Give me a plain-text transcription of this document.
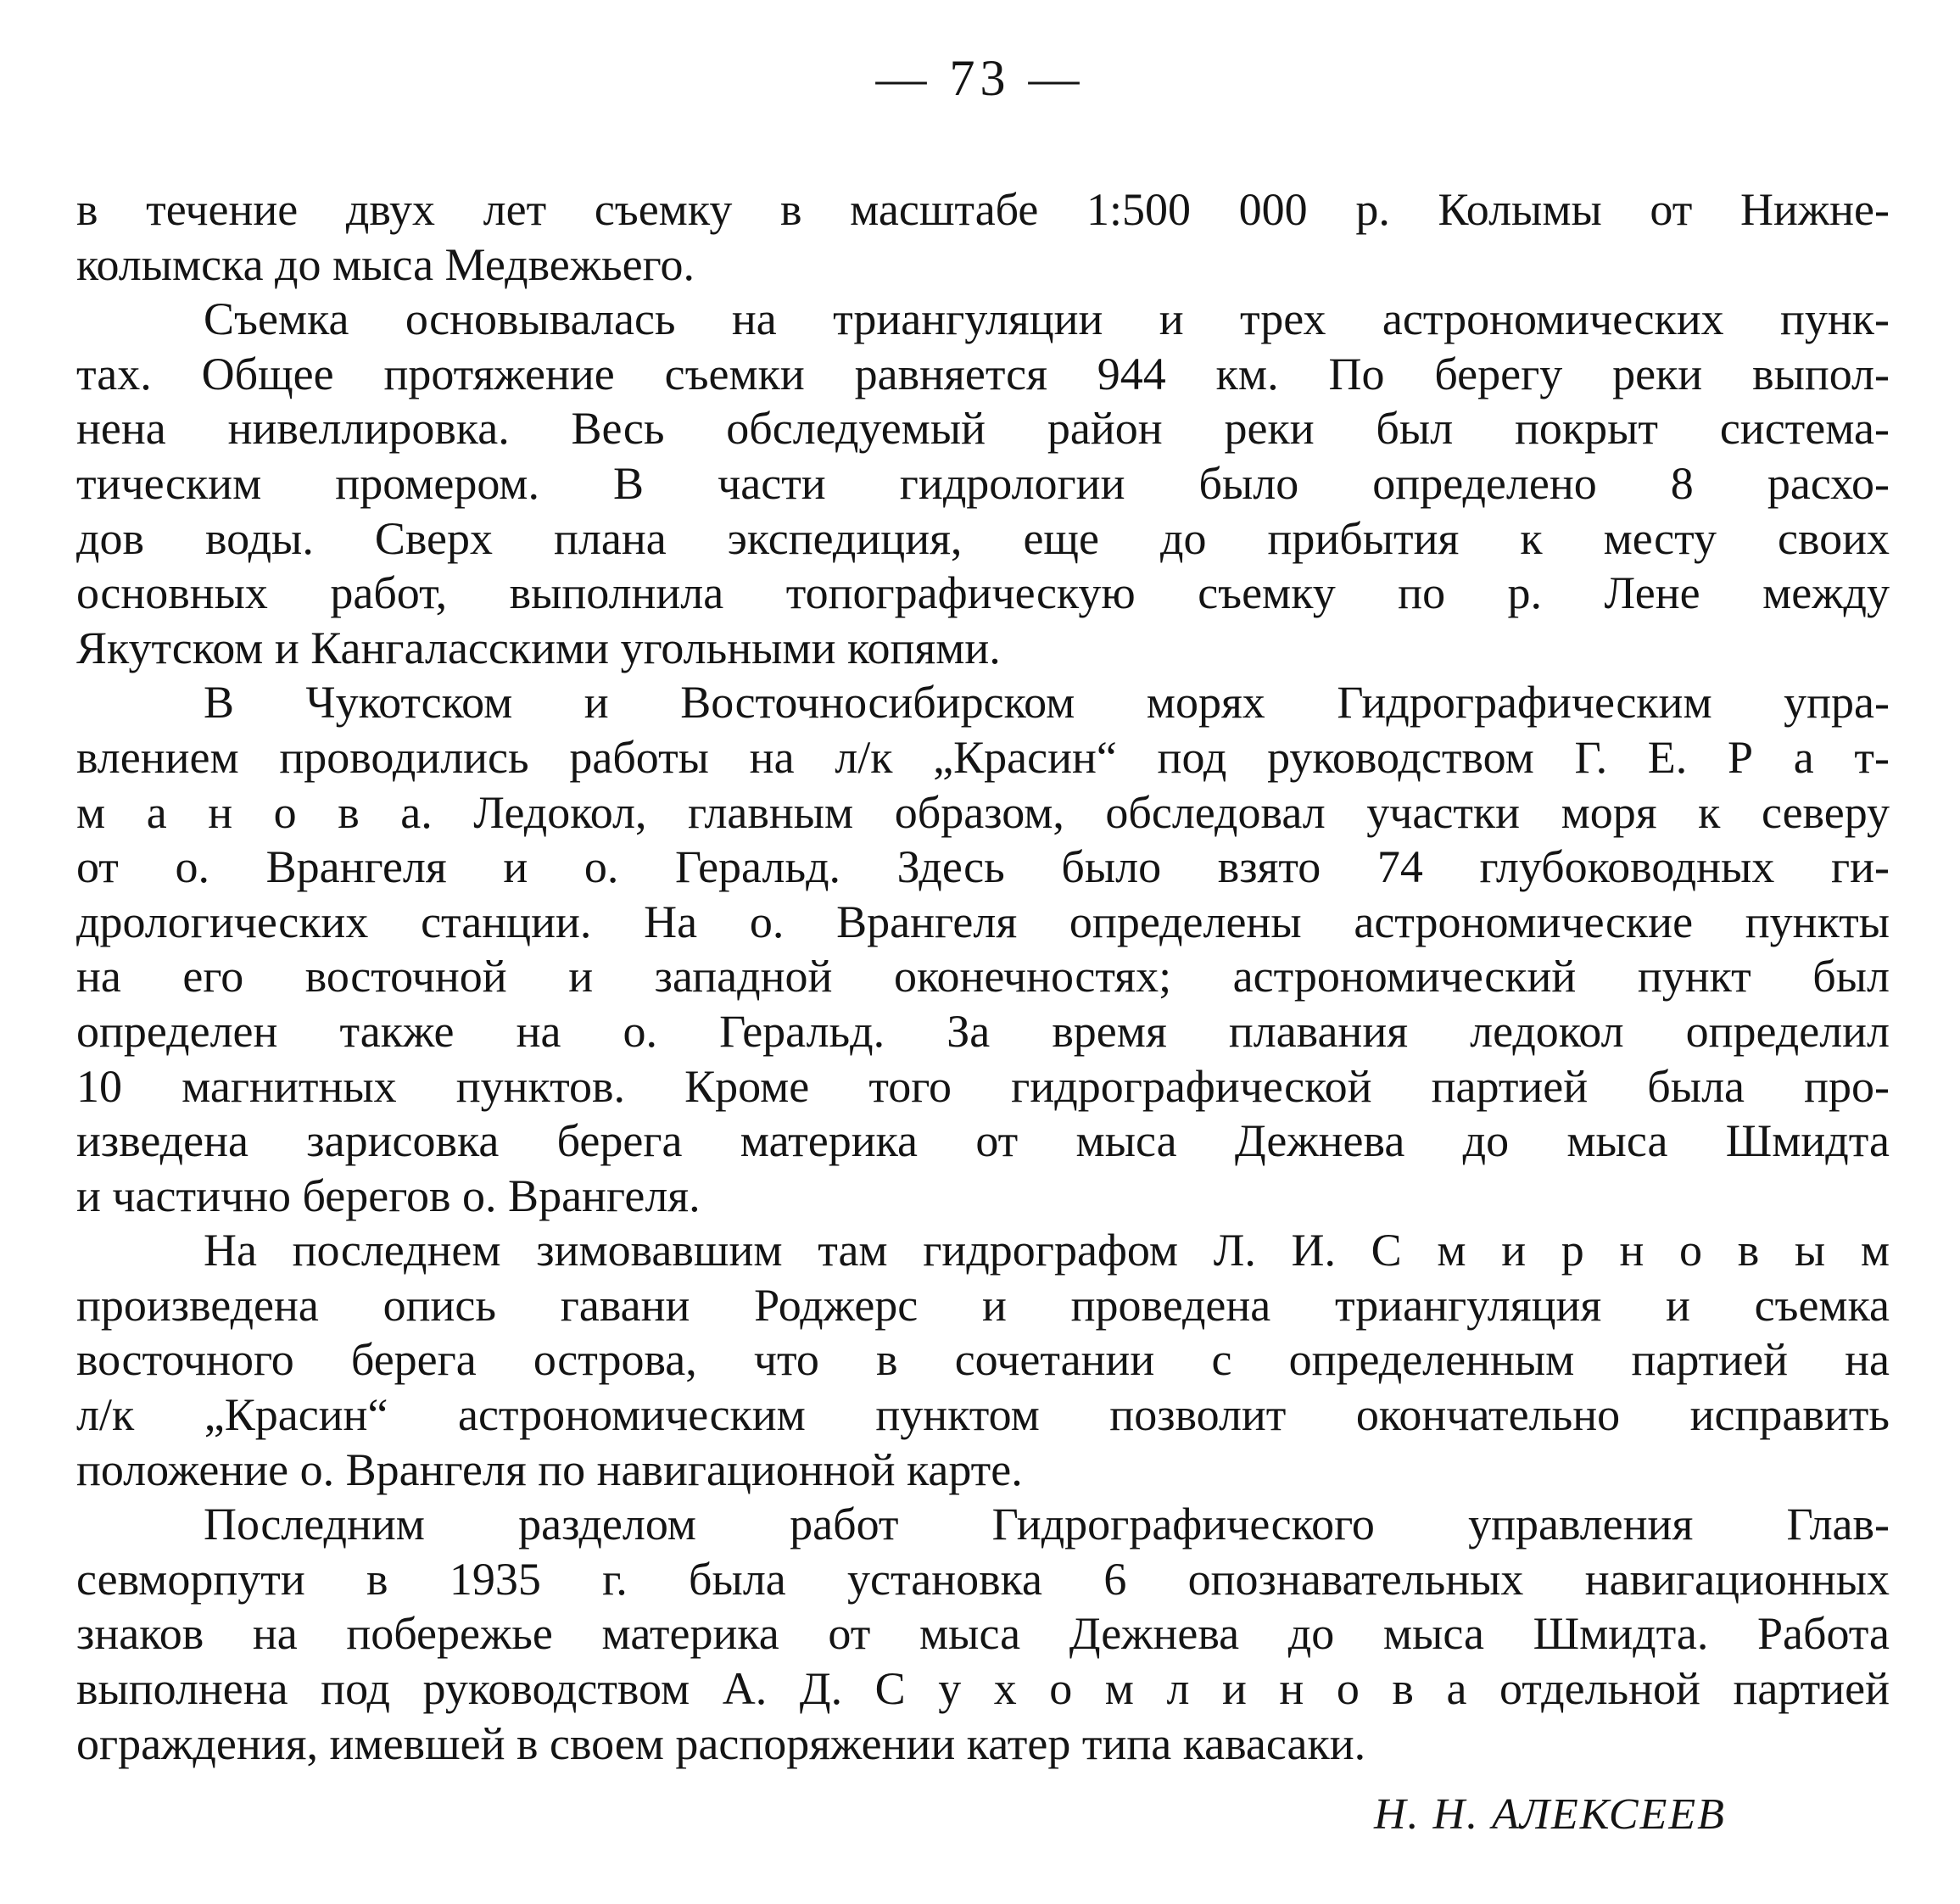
— 73 —
в течение двух лет съемку в масштабе 1:500 000 р. Колымы от Нижне-
колымска до мыса Медвежьего.
Съемка основывалась на триангуляции и трех астрономических пунк-
тах. Общее протяжение съемки равняется 944 км. По берегу реки выпол-
нена нивеллировка. Весь обследуемый район реки был покрыт система-
тическим промером. В части гидрологии было определено 8 расхо-
дов воды. Сверх плана экспедиция, еще до прибытия к месту своих
основных работ, выполнила топографическую съемку по р. Лене между
Якутском и Кангаласскими угольными копями.
В Чукотском и Восточносибирском морях Гидрографическим упра-
влением проводились работы на л/к „Красин“ под руководством Г. Е. Р а т-
м а н о в а. Ледокол, главным образом, обследовал участки моря к северу
от о. Врангеля и о. Геральд. Здесь было взято 74 глубоководных ги-
дрологических станции. На о. Врангеля определены астрономические пункты
на его восточной и западной оконечностях; астрономический пункт был
определен также на о. Геральд. За время плавания ледокол определил
10 магнитных пунктов. Кроме того гидрографической партией была про-
изведена зарисовка берега материка от мыса Дежнева до мыса Шмидта
и частично берегов о. Врангеля.
На последнем зимовавшим там гидрографом Л. И. С м и р н о в ы м
произведена опись гавани Роджерс и проведена триангуляция и съемка
восточного берега острова, что в сочетании с определенным партией на
л/к „Красин“ астрономическим пунктом позволит окончательно исправить
положение о. Врангеля по навигационной карте.
Последним разделом работ Гидрографического управления Глав-
севморпути в 1935 г. была установка 6 опознавательных навигационных
знаков на побережье материка от мыса Дежнева до мыса Шмидта. Работа
выполнена под руководством А. Д. С у х о м л и н о в а отдельной партией
ограждения, имевшей в своем распоряжении катер типа кавасаки.
Н. Н. АЛЕКСЕЕВ
